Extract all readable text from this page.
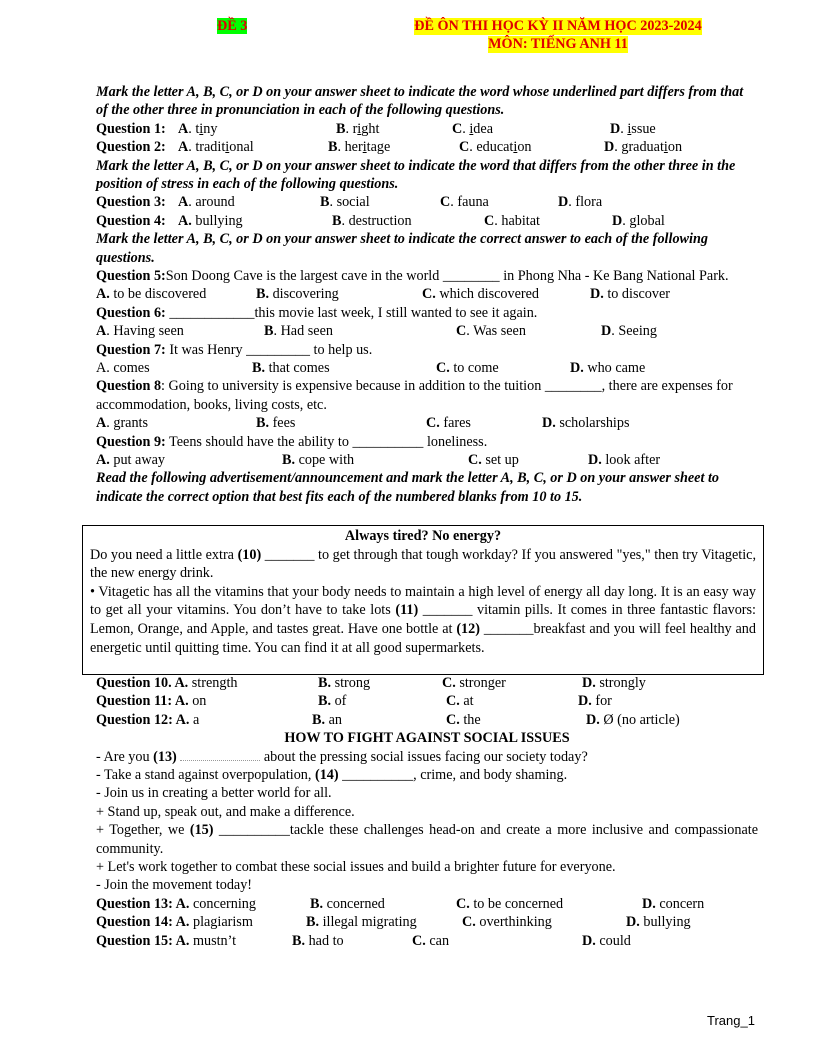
ĐỀ 3	ĐỀ ÔN THI HỌC KỲ II NĂM HỌC 2023-2024
MÔN: TIẾNG ANH 11
Mark the letter A, B, C, or D on your answer sheet to indicate the word whose underlined part differs from that of the other three in pronunciation in each of the following questions.
Question 1: A. tiny	B. right	C. idea	D. issue
Question 2: A. traditional	B. heritage	C. education	D. graduation
Mark the letter A, B, C, or D on your answer sheet to indicate the word that differs from the other three in the position of stress in each of the following questions.
Question 3: A. around	B. social	C. fauna	D. flora
Question 4: A. bullying	B. destruction	C. habitat	D. global
Mark the letter A, B, C, or D on your answer sheet to indicate the correct answer to each of the following questions.
Question 5:Son Doong Cave is the largest cave in the world ________ in Phong Nha - Ke Bang National Park.
A. to be discovered	B. discovering	C. which discovered	D. to discover
Question 6: ____________this movie last week, I still wanted to see it again.
A. Having seen	B. Had seen	C. Was seen	D. Seeing
Question 7: It was Henry _________ to help us.
A. comes	B. that comes	C. to come	D. who came
Question 8: Going to university is expensive because in addition to the tuition ________, there are expenses for accommodation, books, living costs, etc.
A. grants	B. fees	C. fares	D. scholarships
Question 9: Teens should have the ability to __________ loneliness.
A. put away	B. cope with	C. set up	D. look after
Read the following advertisement/announcement and mark the letter A, B, C, or D on your answer sheet to indicate the correct option that best fits each of the numbered blanks from 10 to 15.

Always tired? No energy?

Do you need a little extra (10) _______ to get through that tough workday? If you answered "yes," then try Vitagetic, the new energy drink.

• Vitagetic has all the vitamins that your body needs to maintain a high level of energy all day long. It is an easy way to get all your vitamins. You don’t have to take lots (11) _______ vitamin pills. It comes in three fantastic flavors: Lemon, Orange, and Apple, and tastes great. Have one bottle at (12) _______breakfast and you will feel healthy and energetic until quitting time. You can find it at all good supermarkets.

Question 10. A. strength	B. strong	C. stronger	D. strongly
Question 11: A. on	B. of	C. at	D. for
Question 12: A. a	B. an	C. the	D. Ø (no article)
HOW TO FIGHT AGAINST SOCIAL ISSUES
- Are you (13)	about the pressing social issues facing our society today?
- Take a stand against overpopulation, (14) __________, crime, and body shaming.
- Join us in creating a better world for all.
+ Stand up, speak out, and make a difference.
+ Together, we (15) __________tackle these challenges head-on and create a more inclusive and compassionate community.
+ Let's work together to combat these social issues and build a brighter future for everyone.
- Join the movement today!
Question 13: A. concerning	B. concerned	C. to be concerned	D. concern
Question 14: A. plagiarism	B. illegal migrating	C. overthinking	D. bullying
Question 15: A. mustn’t	B. had to	C. can	D. could
Trang_1
